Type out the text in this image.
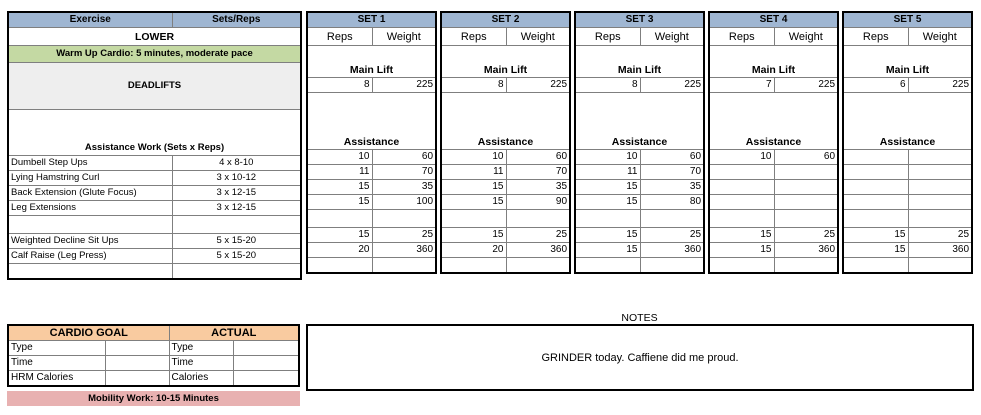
Exercise	Sets/Reps
LOWER	
Warm Up Cardio: 5 minutes, moderate pace	
DEADLIFTS	
Assistance Work (Sets x Reps)	
Dumbell Step Ups	4 x 8-10
Lying Hamstring Curl	3 x 10-12
Back Extension (Glute Focus)	3 x 12-15
Leg Extensions	3 x 12-15

Weighted Decline Sit Ups	5 x 15-20
Calf Raise (Leg Press)	5 x 15-20

SET 1	
Reps	Weight
Main Lift	
8	225

Assistance	
10	60
11	70
15	35
15	100

15	25
20	360

SET 2	
Reps	Weight
Main Lift	
8	225

Assistance	
10	60
11	70
15	35
15	90

15	25
20	360

SET 3	
Reps	Weight
Main Lift	
8	225

Assistance	
10	60
11	70
15	35
15	80

15	25
15	360

SET 4	
Reps	Weight
Main Lift	
7	225

Assistance	
10	60

15	25
15	360

SET 5	
Reps	Weight
Main Lift	
6	225

Assistance	

15	25
15	360

NOTES
GRINDER today. Caffiene did me proud.
CARDIO GOAL		ACTUAL	
Type		Type	
Time		Time	
HRM Calories		Calories	
Mobility Work: 10-15 Minutes
